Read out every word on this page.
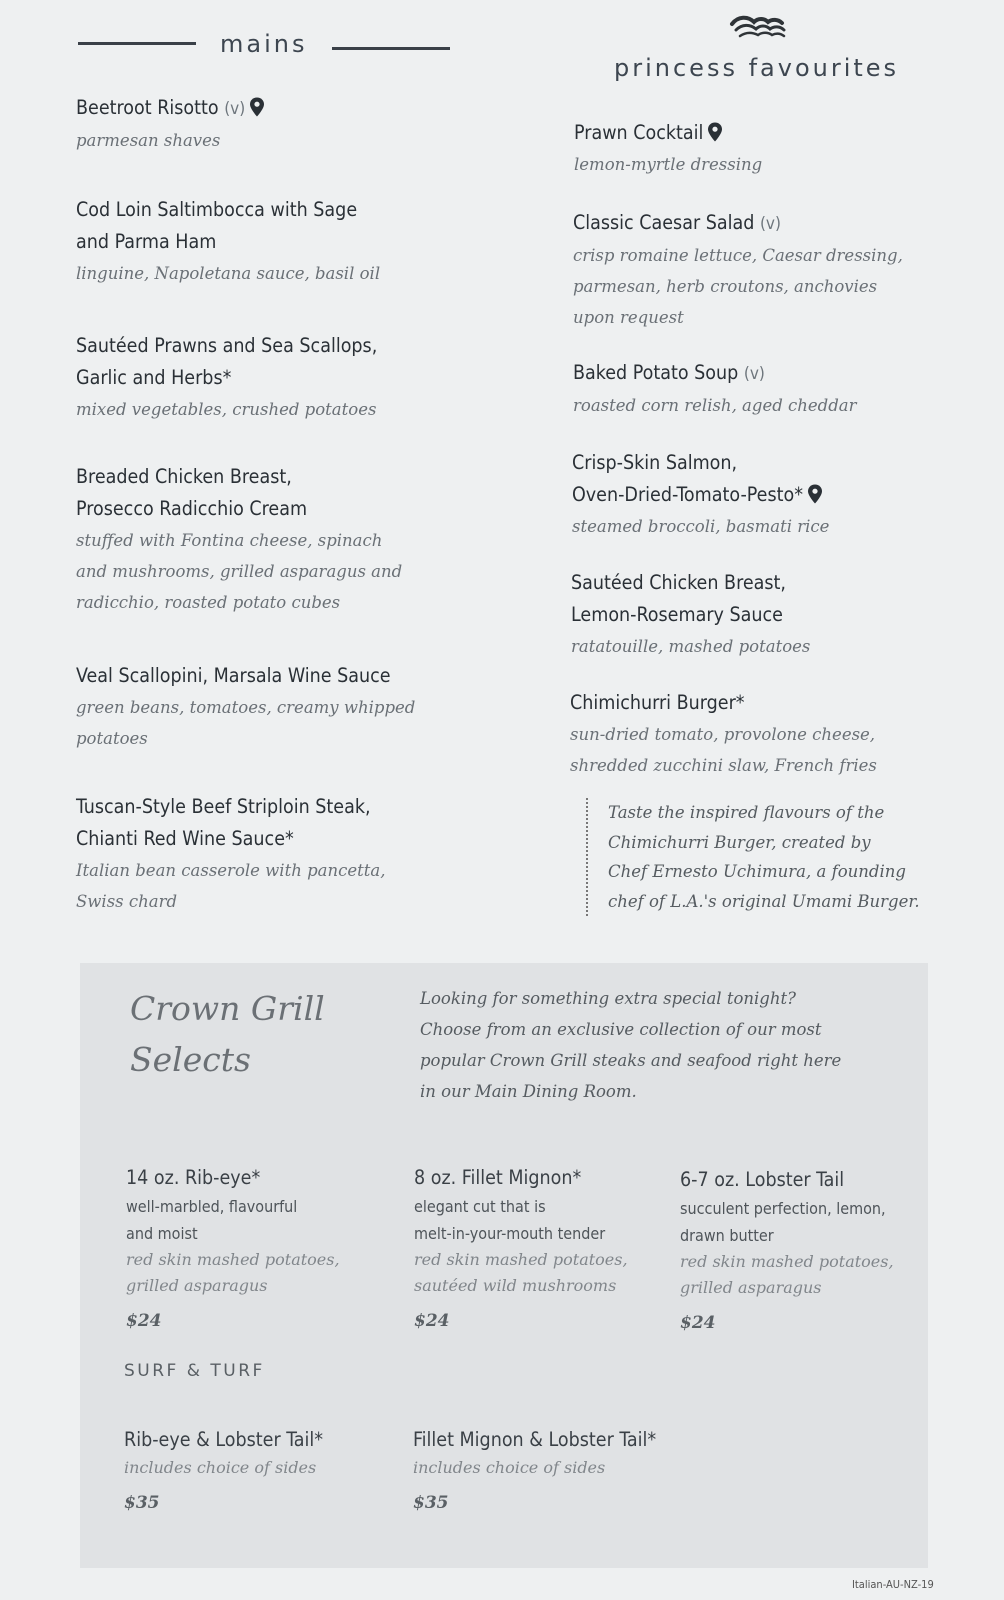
mains
princess favourites
Beetroot Risotto (v)
parmesan shaves
Cod Loin Saltimbocca with Sage
and Parma Ham
linguine, Napoletana sauce, basil oil
Sautéed Prawns and Sea Scallops,
Garlic and Herbs*
mixed vegetables, crushed potatoes
Breaded Chicken Breast,
Prosecco Radicchio Cream
stuffed with Fontina cheese, spinach
and mushrooms, grilled asparagus and
radicchio, roasted potato cubes
Veal Scallopini, Marsala Wine Sauce
green beans, tomatoes, creamy whipped
potatoes
Tuscan-Style Beef Striploin Steak,
Chianti Red Wine Sauce*
Italian bean casserole with pancetta,
Swiss chard
Prawn Cocktail
lemon-myrtle dressing
Classic Caesar Salad (v)
crisp romaine lettuce, Caesar dressing,
parmesan, herb croutons, anchovies
upon request
Baked Potato Soup (v)
roasted corn relish, aged cheddar
Crisp-Skin Salmon,
Oven-Dried-Tomato-Pesto*
steamed broccoli, basmati rice
Sautéed Chicken Breast,
Lemon-Rosemary Sauce
ratatouille, mashed potatoes
Chimichurri Burger*
sun-dried tomato, provolone cheese,
shredded zucchini slaw, French fries
Taste the inspired flavours of the
Chimichurri Burger, created by
Chef Ernesto Uchimura, a founding
chef of L.A.'s original Umami Burger.
Crown Grill
Selects
Looking for something extra special tonight?
Choose from an exclusive collection of our most
popular Crown Grill steaks and seafood right here
in our Main Dining Room.
14 oz. Rib-eye*
well-marbled, flavourful
and moist
red skin mashed potatoes,
grilled asparagus
$24
8 oz. Fillet Mignon*
elegant cut that is
melt-in-your-mouth tender
red skin mashed potatoes,
sautéed wild mushrooms
$24
6-7 oz. Lobster Tail
succulent perfection, lemon,
drawn butter
red skin mashed potatoes,
grilled asparagus
$24
SURF & TURF
Rib-eye & Lobster Tail*
includes choice of sides
$35
Fillet Mignon & Lobster Tail*
includes choice of sides
$35
Italian-AU-NZ-19
